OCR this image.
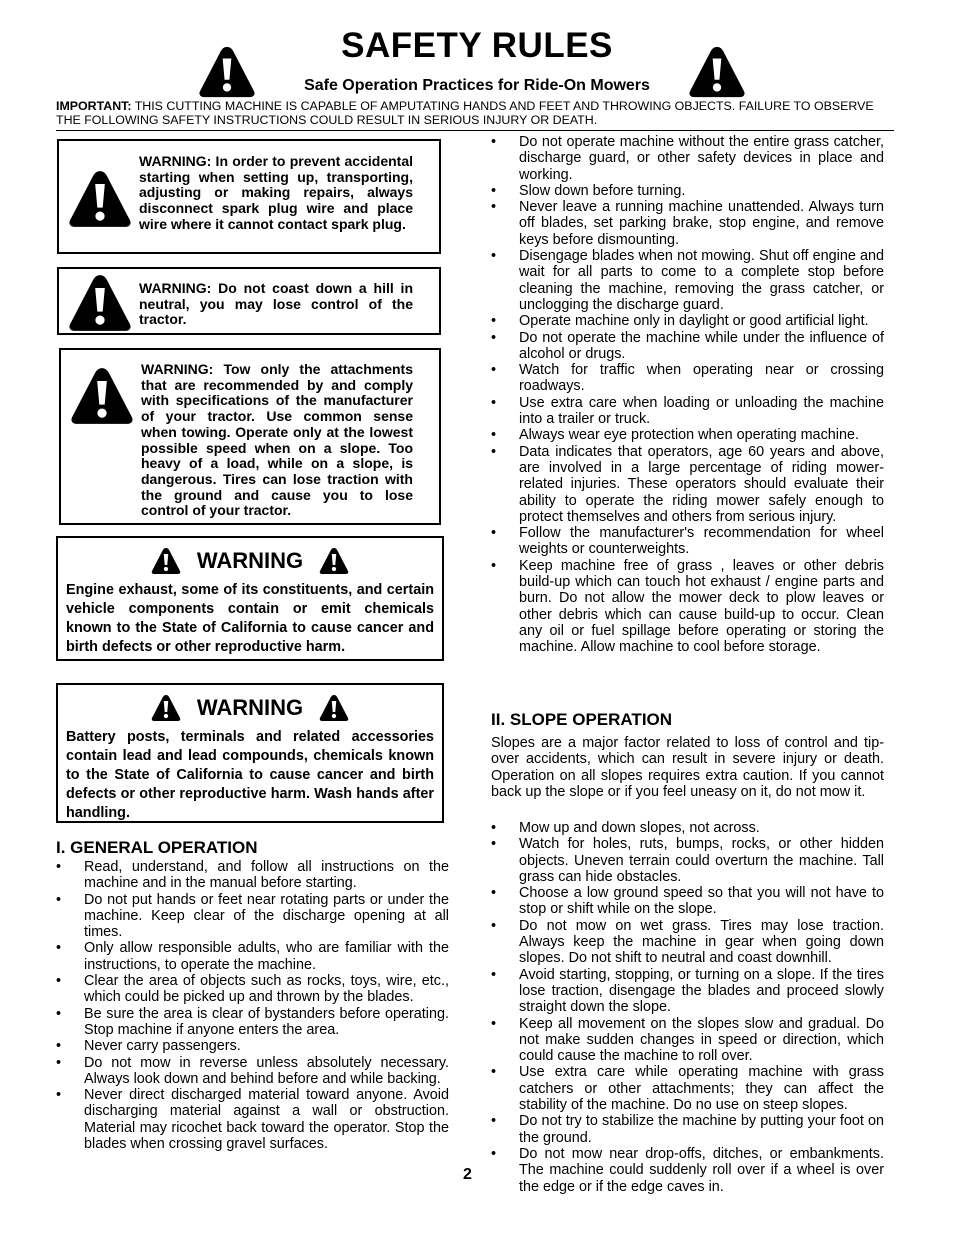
SAFETY RULES
Safe Operation Practices for Ride-On Mowers
IMPORTANT: THIS CUTTING MACHINE IS CAPABLE OF AMPUTATING HANDS AND FEET AND THROWING OBJECTS. FAILURE TO OBSERVE THE FOLLOWING SAFETY INSTRUCTIONS COULD RESULT IN SERIOUS INJURY OR DEATH.
WARNING: In order to prevent accidental starting when setting up, transporting, adjusting or making repairs, always disconnect spark plug wire and place wire where it cannot contact spark plug.
WARNING: Do not coast down a hill in neutral, you may lose control of the tractor.
WARNING: Tow only the attachments that are recommended by and comply with specifications of the manufacturer of your tractor. Use common sense when towing. Operate only at the lowest possible speed when on a slope. Too heavy of a load, while on a slope, is dangerous. Tires can lose traction with the ground and cause you to lose control of your tractor.
WARNING
Engine exhaust, some of its constituents, and certain vehicle components contain or emit chemicals known to the State of California to cause cancer and birth defects or other reproductive harm.
WARNING
Battery posts, terminals and related accessories contain lead and lead compounds, chemicals known to the State of California to cause cancer and birth defects or other reproductive harm. Wash hands after handling.
I. GENERAL OPERATION
• Read, understand, and follow all instructions on the machine and in the manual before starting.
• Do not put hands or feet near rotating parts or under the machine. Keep clear of the discharge opening at all times.
• Only allow responsible adults, who are familiar with the instructions, to operate the machine.
• Clear the area of objects such as rocks, toys, wire, etc., which could be picked up and thrown by the blades.
• Be sure the area is clear of bystanders before operating. Stop machine if anyone enters the area.
• Never carry passengers.
• Do not mow in reverse unless absolutely necessary. Always look down and behind before and while backing.
• Never direct discharged material toward anyone. Avoid discharging material against a wall or obstruction. Material may ricochet back toward the operator. Stop the blades when crossing gravel surfaces.
• Do not operate machine without the entire grass catcher, discharge guard, or other safety devices in place and working.
• Slow down before turning.
• Never leave a running machine unattended. Always turn off blades, set parking brake, stop engine, and remove keys before dismounting.
• Disengage blades when not mowing. Shut off engine and wait for all parts to come to a complete stop before cleaning the machine, removing the grass catcher, or unclogging the discharge guard.
• Operate machine only in daylight or good artificial light.
• Do not operate the machine while under the influence of alcohol or drugs.
• Watch for traffic when operating near or crossing roadways.
• Use extra care when loading or unloading the machine into a trailer or truck.
• Always wear eye protection when operating machine.
• Data indicates that operators, age 60 years and above, are involved in a large percentage of riding mower-related injuries. These operators should evaluate their ability to operate the riding mower safely enough to protect themselves and others from serious injury.
• Follow the manufacturer's recommendation for wheel weights or counterweights.
• Keep machine free of grass , leaves or other debris build-up which can touch hot exhaust / engine parts and burn. Do not allow the mower deck to plow leaves or other debris which can cause build-up to occur. Clean any oil or fuel spillage before operating or storing the machine. Allow machine to cool before storage.
II. SLOPE OPERATION
Slopes are a major factor related to loss of control and tip-over accidents, which can result in severe injury or death. Operation on all slopes requires extra caution. If you cannot back up the slope or if you feel uneasy on it, do not mow it.
• Mow up and down slopes, not across.
• Watch for holes, ruts, bumps, rocks, or other hidden objects. Uneven terrain could overturn the machine. Tall grass can hide obstacles.
• Choose a low ground speed so that you will not have to stop or shift while on the slope.
• Do not mow on wet grass. Tires may lose traction. Always keep the machine in gear when going down slopes. Do not shift to neutral and coast downhill.
• Avoid starting, stopping, or turning on a slope. If the tires lose traction, disengage the blades and proceed slowly straight down the slope.
• Keep all movement on the slopes slow and gradual. Do not make sudden changes in speed or direction, which could cause the machine to roll over.
• Use extra care while operating machine with grass catchers or other attachments; they can affect the stability of the machine. Do no use on steep slopes.
• Do not try to stabilize the machine by putting your foot on the ground.
• Do not mow near drop-offs, ditches, or embankments. The machine could suddenly roll over if a wheel is over the edge or if the edge caves in.
2
